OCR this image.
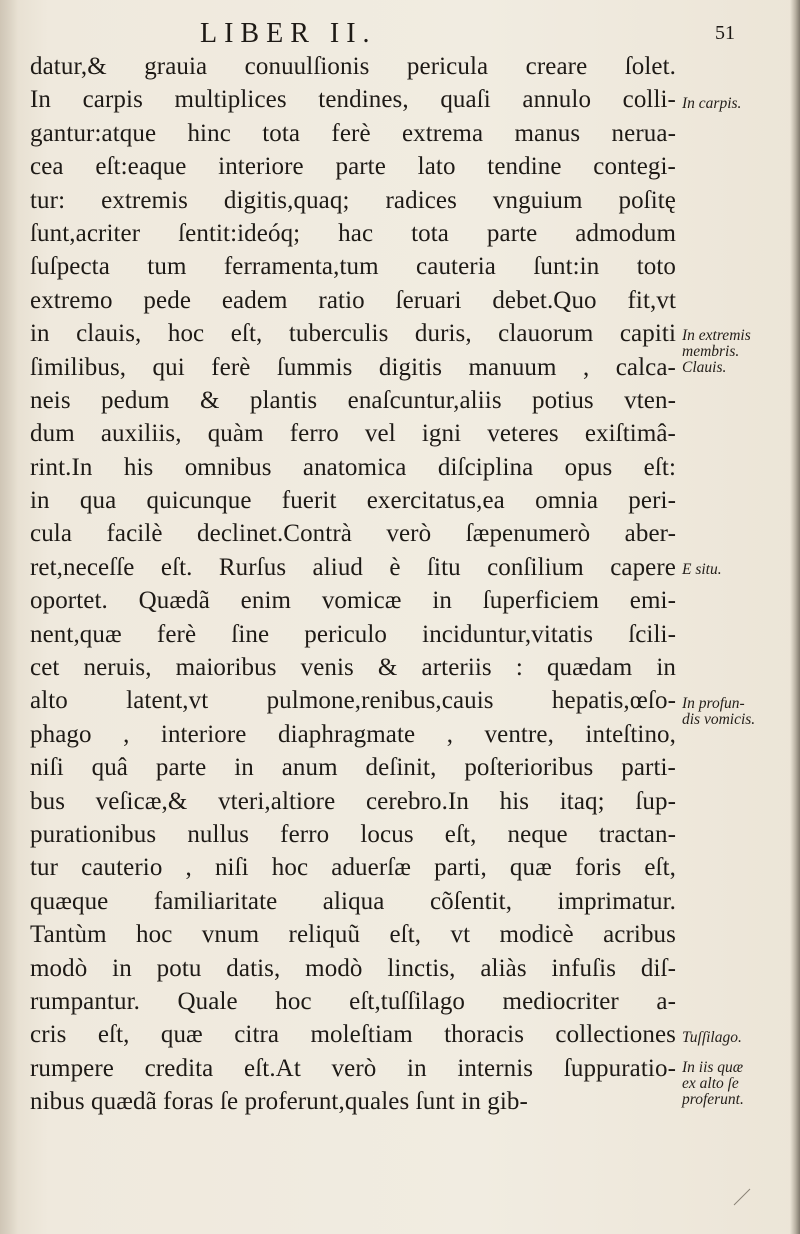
LIBER II.	51
datur,& grauia conuulſionis pericula creare ſolet.
In carpis multiplices tendines, quaſi annulo colli-
gantur:atque hinc tota ferè extrema manus nerua-
cea eſt:eaque interiore parte lato tendine contegi-
tur: extremis digitis,quaq; radices vnguium poſitę
ſunt,acriter ſentit:ideóq; hac tota parte admodum
ſuſpecta tum ferramenta,tum cauteria ſunt:in toto
extremo pede eadem ratio ſeruari debet.Quo fit,vt
in clauis, hoc eſt, tuberculis duris, clauorum capiti
ſimilibus, qui ferè ſummis digitis manuum , calca-
neis pedum & plantis enaſcuntur,aliis potius vten-
dum auxiliis, quàm ferro vel igni veteres exiſtimâ-
rint.In his omnibus anatomica diſciplina opus eſt:
in qua quicunque fuerit exercitatus,ea omnia peri-
cula facilè declinet.Contrà verò ſæpenumerò aber-
ret,neceſſe eſt. Rurſus aliud è ſitu conſilium capere
oportet. Quædã enim vomicæ in ſuperficiem emi-
nent,quæ ferè ſine periculo inciduntur,vitatis ſcili-
cet neruis, maioribus venis & arteriis : quædam in
alto latent,vt pulmone,renibus,cauis hepatis,œſo-
phago , interiore diaphragmate , ventre, inteſtino,
niſi quâ parte in anum deſinit, poſterioribus parti-
bus veſicæ,& vteri,altiore cerebro.In his itaq; ſup-
purationibus nullus ferro locus eſt, neque tractan-
tur cauterio , niſi hoc aduerſæ parti, quæ foris eſt,
quæque familiaritate aliqua cõſentit, imprimatur.
Tantùm hoc vnum reliquũ eſt, vt modicè acribus
modò in potu datis, modò linctis, aliàs infuſis diſ-
rumpantur. Quale hoc eſt,tuſſilago mediocriter a-
cris eſt, quæ citra moleſtiam thoracis collectiones
rumpere credita eſt.At verò in internis ſuppuratio-
nibus quædã foras ſe proferunt,quales ſunt in gib-
In carpis.
In extremis
membris.
Clauis.
E situ.
In profun-
dis vomicis.
Tuſſilago.
In iis quæ
ex alto ſe
proferunt.
